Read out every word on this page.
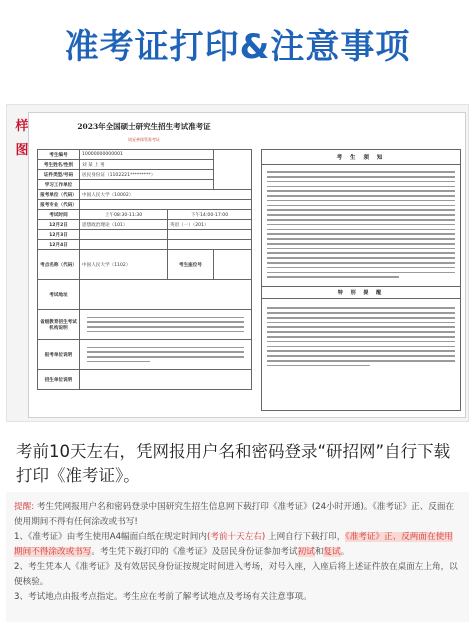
准考证打印&注意事项
样
图
2023年全国硕士研究生招生考试准考证
请妥善保管准考证
考生编号	10000000000001		
考生姓名/性别	刘 某 上 男		
证件类型/号码	居民身份证（1102221*********）		
学习工作单位			
报考单位（代码）	中国人民大学（10002）		
报考专业（代码）			
考试时间	上午08:30-11:30	下午14:00-17:00	
12月2日	思想政治理论（101）	英语（一）（201）	
12月3日			
12月4日			
考点名称（代码）	中国人民大学（1102）	考生座位号	
考试地址			
省级教育招生考试机构说明			

报考单位说明			

招生单位说明			
考 生 须 知
特 别 提 醒
考前10天左右，凭网报用户名和密码登录“研招网”自行下载打印《准考证》。

提醒: 考生凭网报用户名和密码登录中国研究生招生信息网下载打印《准考证》(24小时开通)。《准考证》正、反面在使用期间不得有任何涂改或书写!

1、《准考证》由考生使用A4幅面白纸在规定时间内(考前十天左右) 上网自行下载打印，《准考证》正、反两面在使用期间不得涂改或书写。考生凭下载打印的《准考证》及居民身份证参加考试初试和复试。

2、考生凭本人《准考证》及有效居民身份证按规定时间进入考场，对号入座，入座后将上述证件放在桌面左上角，以便核验。

3、考试地点由报考点指定。考生应在考前了解考试地点及考场有关注意事项。
